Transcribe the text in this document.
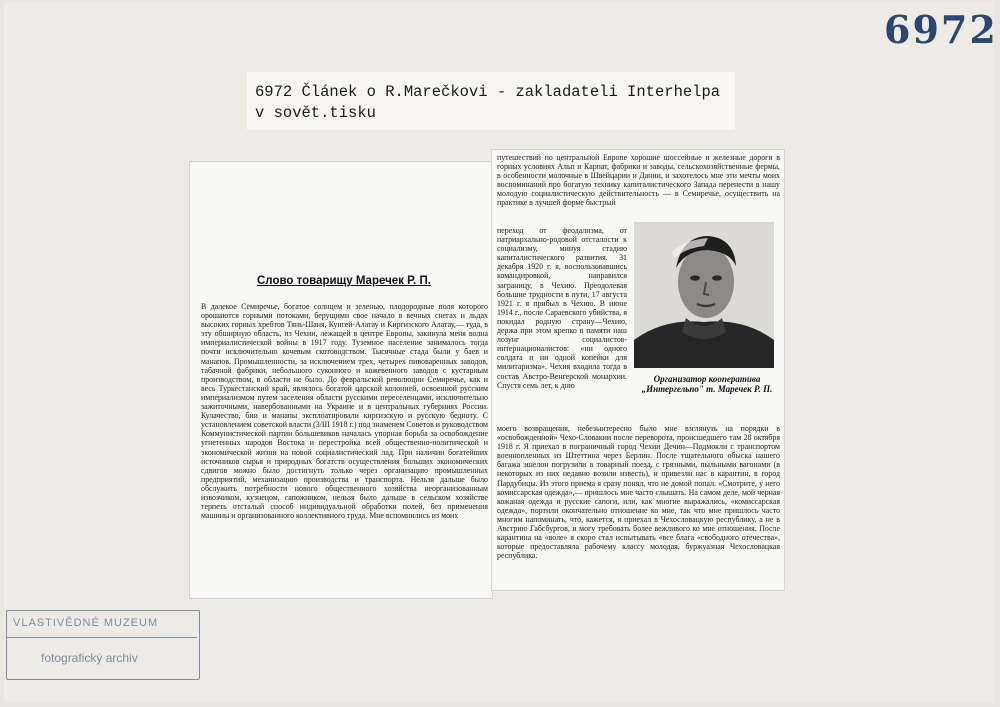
6972
6972 Článek o R.Marečkovi - zakladateli Interhelpa v sovět.tisku
Слово товарищу Маречек Р. П.
В далекое Семиречье, богатое солнцем и зеленью, плодородные поля которого орошаются горными потоками, берущими свое начало в вечных снегах и льдах высоких горных хребтов Тянь-Шаня, Кунгей-Алатау и Киргизского Алатау,— туда, в эту обширную область, из Чехии, лежащей в центре Европы, закинула меня волна империалистической войны в 1917 году. Туземное население занималось тогда почти исключительно кочевым скотоводством. Тысячные стада были у баев и манапов. Промышленности, за исключением трех, четырех пивоваренных заводов, табачной фабрики, небольшого суконного и кожевенного заводов с кустарным производством, в области не было. До февральской революции Семиречье, как и весь Туркестанский край, являлось богатой царской колонией, освоенной русским империализмом путем заселения области русскими переселенцами, исключительно зажиточными, навербованными на Украине и в центральных губерниях России. Кулачество, бии и манапы эксплоатировали киргизскую и русскую бедноту. С установлением советской власти (3/III 1918 г.) под знаменем Советов и руководством Коммунистической партии большевиков началась упорная борьба за освобождение угнетенных народов Востока и перестройка всей общественно-политической и экономической жизни на новой социалистический лад. При наличии богатейших источников сырья и природных богатств осуществления больших экономических сдвигов можно было достигнуть только через организацию промышленных предприятий, механизацию производства и транспорта. Нельзя дальше было обслужить потребности нового общественного хозяйства неорганизованным извозчиком, кузнецом, сапожником, нельзя было дальше в сельском хозяйстве терпеть отсталый способ индивидуальной обработки полей, без применения машины и организованного коллективного труда. Мне вспомнились из моих
путешествий по центральной Европе хорошие шоссейные и железные дороги в горных условиях Альп и Карпат, фабрики и заводы, сельскохозяйственные фермы, в особенности молочные в Швейцарии и Дании, и захотелось мне эти мечты моих воспоминаний про богатую технику капиталистического Запада перенести в нашу молодую социалистическую действительность — в Семиречье, осуществить на практике в лучшей форме быстрый
переход от феодализма, от патриархально-родовой отсталости к социализму, минуя стадию капиталистического развития. 31 декабря 1920 г. я, воспользовавшись командировкой, направился заграницу, в Чехию. Преодолевая большие трудности в пути, 17 августа 1921 г. я прибыл в Чехию. В июне 1914 г., после Сараевского убийства, я покидал родную страну—Чехию, держа при этом крепко в памяти наш лозунг социалистов-интернационалистов: «ни одного солдата и ни одной копейки для милитаризма». Чехия входила тогда в состав Австро-Венгерской монархии. Спустя семь лет, к дню
моего возвращения, небезынтересно было мне взглянуть на порядки в «освобожденной» Чехо-Словакии после переворота, происшедшего там 28 октября 1918 г. Я приехал в пограничный город Чехии Дечин—Подмокли с транспортом военнопленных из Штеттина через Берлин. После тщательного обыска нашего багажа эшелон погрузили в товарный поезд, с грязными, пыльными вагонами (в некоторых из них недавно возили известь), и привезли нас в карантин, в город Пардубицы. Из этого приема я сразу понял, что не домой попал. «Смотрите, у него комиссарская одежда»,— пришлось мне часто слышать. На самом деле, мой черная кожаная одежда и русские сапоги, или, как многие выражались, «комиссарская одежда», портили окончательно отношение ко мне, так что мне пришлось часто многим напоминать, что, кажется, я приехал в Чехословацкую республику, а не в Австрию Габсбургов, и могу требовать более вежливого ко мне отношения. После карантина на «воле» я скоро стал испытывать «все блага «свободного отечества», которые предоставляла рабочему классу молодая, буржуазная Чехословацкая республика.
Организатор кооператива „Интергельпо" т. Маречек Р. П.
VLASTIVĚDNÉ MUZEUM
fotografický archiv
